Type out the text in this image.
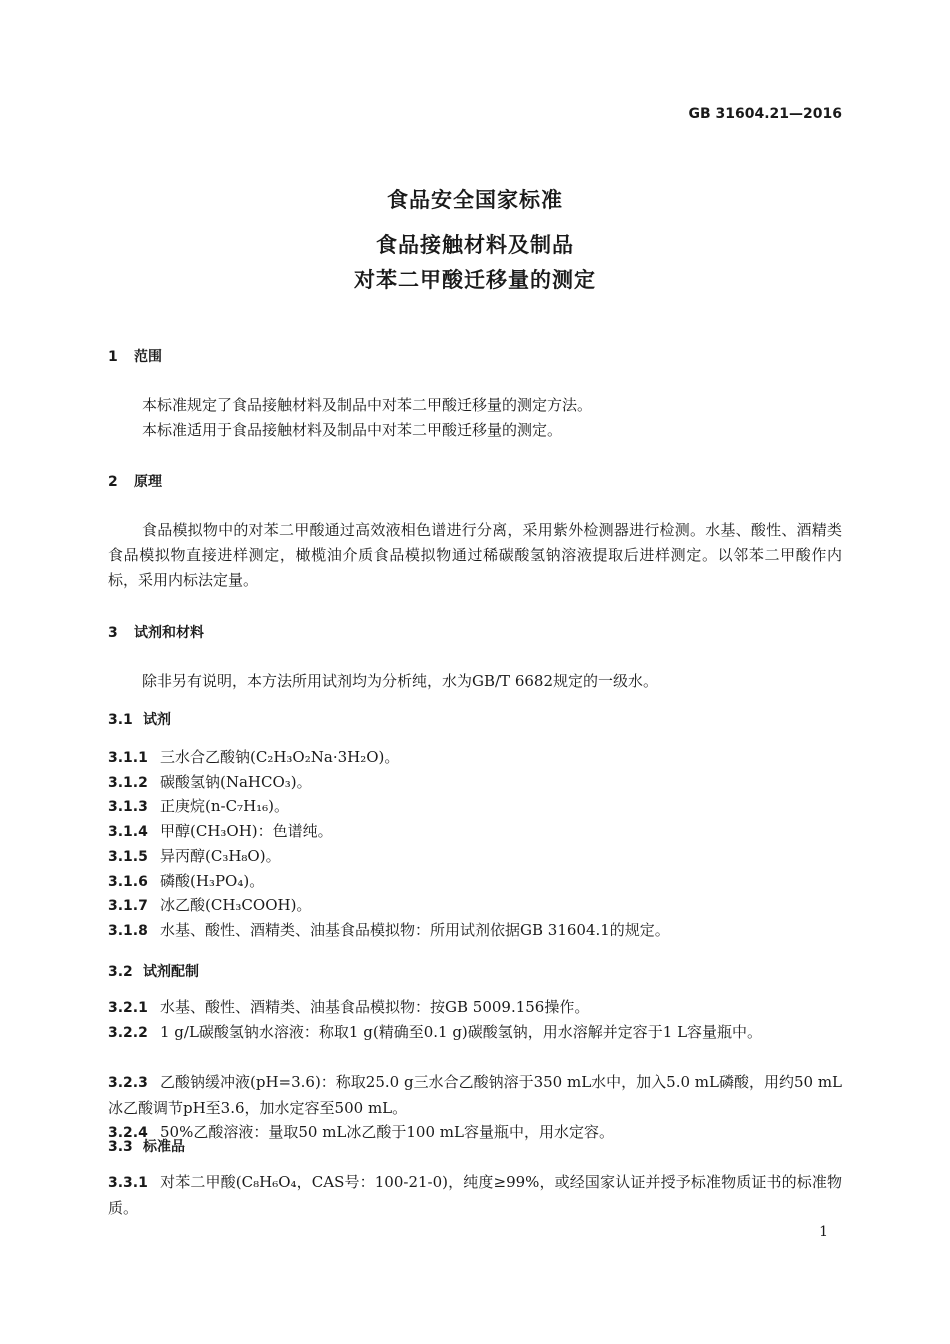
GB 31604.21—2016
食品安全国家标准
食品接触材料及制品
对苯二甲酸迁移量的测定
1 范围
本标准规定了食品接触材料及制品中对苯二甲酸迁移量的测定方法。
本标准适用于食品接触材料及制品中对苯二甲酸迁移量的测定。
2 原理
食品模拟物中的对苯二甲酸通过高效液相色谱进行分离，采用紫外检测器进行检测。水基、酸性、酒精类食品模拟物直接进样测定，橄榄油介质食品模拟物通过稀碳酸氢钠溶液提取后进样测定。以邻苯二甲酸作内标，采用内标法定量。
3 试剂和材料
除非另有说明，本方法所用试剂均为分析纯，水为GB/T 6682规定的一级水。
3.1 试剂
3.1.1 三水合乙酸钠(C₂H₃O₂Na·3H₂O)。
3.1.2 碳酸氢钠(NaHCO₃)。
3.1.3 正庚烷(n-C₇H₁₆)。
3.1.4 甲醇(CH₃OH)：色谱纯。
3.1.5 异丙醇(C₃H₈O)。
3.1.6 磷酸(H₃PO₄)。
3.1.7 冰乙酸(CH₃COOH)。
3.1.8 水基、酸性、酒精类、油基食品模拟物：所用试剂依据GB 31604.1的规定。
3.2 试剂配制
3.2.1 水基、酸性、酒精类、油基食品模拟物：按GB 5009.156操作。
3.2.2 1 g/L碳酸氢钠水溶液：称取1 g(精确至0.1 g)碳酸氢钠，用水溶解并定容于1 L容量瓶中。
3.2.3 乙酸钠缓冲液(pH=3.6)：称取25.0 g三水合乙酸钠溶于350 mL水中，加入5.0 mL磷酸，用约50 mL冰乙酸调节pH至3.6，加水定容至500 mL。
3.2.4 50%乙酸溶液：量取50 mL冰乙酸于100 mL容量瓶中，用水定容。
3.3 标准品
3.3.1 对苯二甲酸(C₈H₆O₄，CAS号：100-21-0)，纯度≥99%，或经国家认证并授予标准物质证书的标准物质。
1
